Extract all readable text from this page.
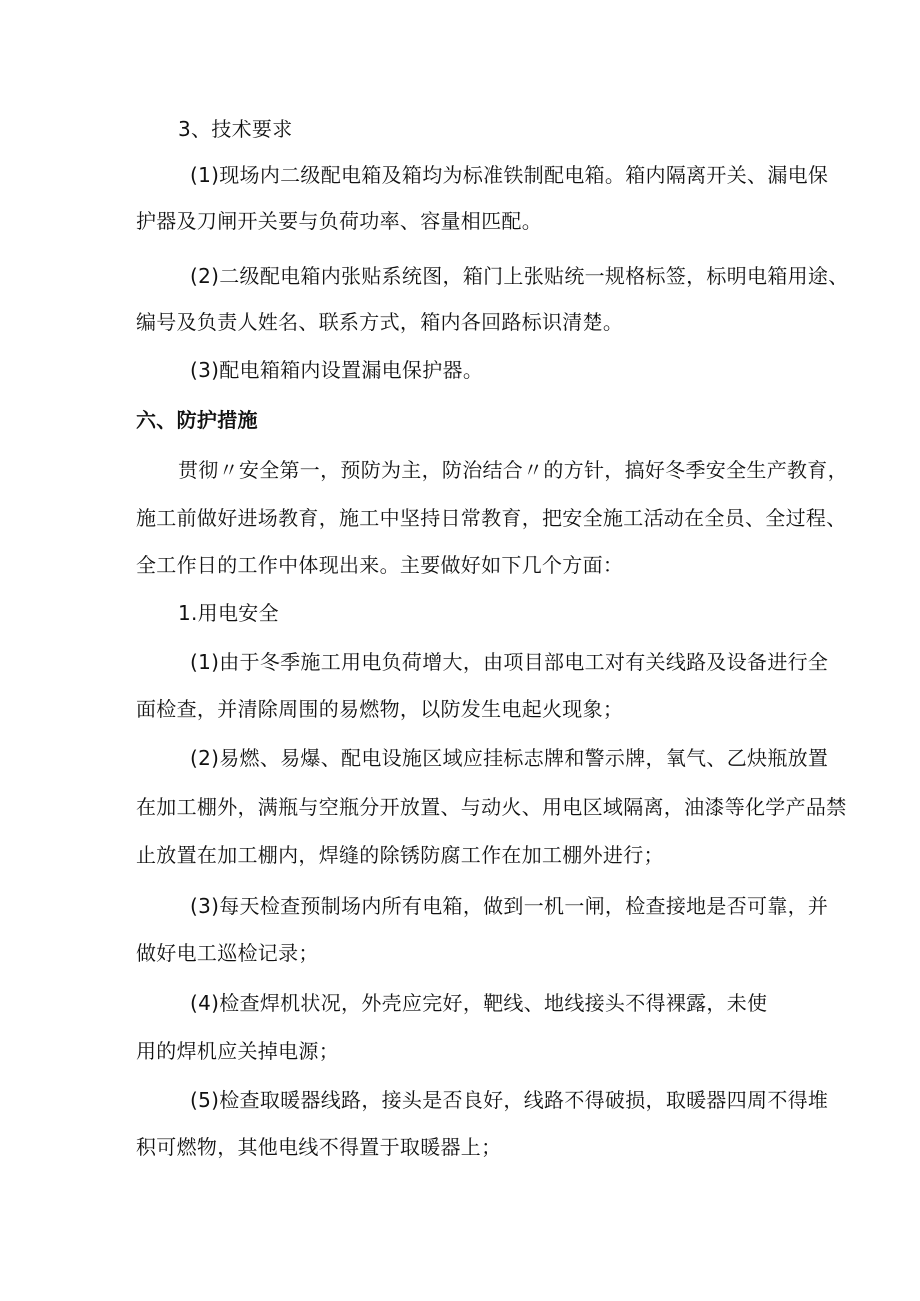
3、技术要求
(1)现场内二级配电箱及箱均为标准铁制配电箱。箱内隔离开关、漏电保
护器及刀闸开关要与负荷功率、容量相匹配。
(2)二级配电箱内张贴系统图，箱门上张贴统一规格标签，标明电箱用途、
编号及负责人姓名、联系方式，箱内各回路标识清楚。
(3)配电箱箱内设置漏电保护器。
六、防护措施
贯彻〃安全第一，预防为主，防治结合〃的方针，搞好冬季安全生产教育，
施工前做好进场教育，施工中坚持日常教育，把安全施工活动在全员、全过程、
全工作日的工作中体现出来。主要做好如下几个方面：
1.用电安全
(1)由于冬季施工用电负荷增大，由项目部电工对有关线路及设备进行全
面检查，并清除周围的易燃物，以防发生电起火现象；
(2)易燃、易爆、配电设施区域应挂标志牌和警示牌，氧气、乙炔瓶放置
在加工棚外，满瓶与空瓶分开放置、与动火、用电区域隔离，油漆等化学产品禁
止放置在加工棚内，焊缝的除锈防腐工作在加工棚外进行；
(3)每天检查预制场内所有电箱，做到一机一闸，检查接地是否可靠，并
做好电工巡检记录；
(4)检查焊机状况，外壳应完好，靶线、地线接头不得裸露，未使
用的焊机应关掉电源；
(5)检查取暖器线路，接头是否良好，线路不得破损，取暖器四周不得堆
积可燃物，其他电线不得置于取暖器上；
